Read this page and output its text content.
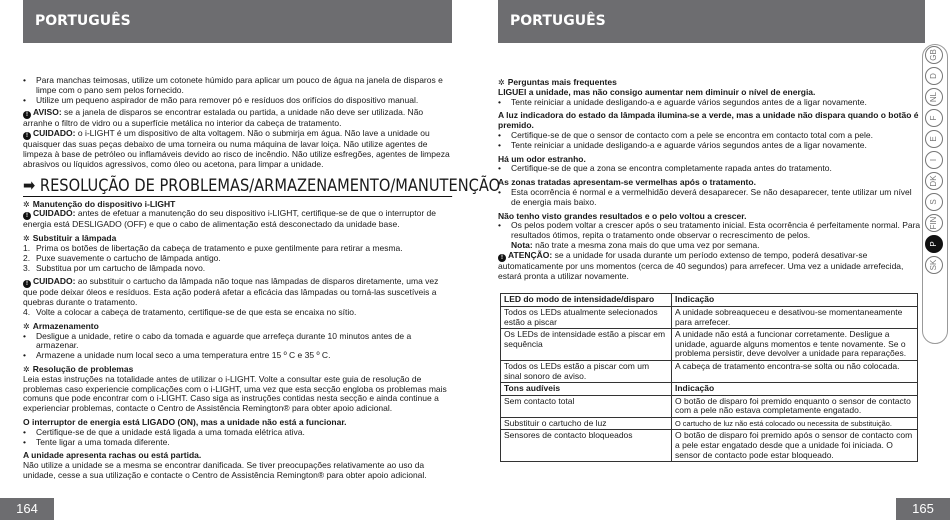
PORTUGUÊS
• Para manchas teimosas, utilize um cotonete húmido para aplicar um pouco de água na janela de disparos e limpe com o pano sem pelos fornecido.
• Utilize um pequeno aspirador de mão para remover pó e resíduos dos orifícios do dispositivo manual.
! AVISO: se a janela de disparos se encontrar estalada ou partida, a unidade não deve ser utilizada. Não arranhe o filtro de vidro ou a superfície metálica no interior da cabeça de tratamento.
! CUIDADO: o i-LIGHT é um dispositivo de alta voltagem. Não o submirja em água. Não lave a unidade ou quaisquer das suas peças debaixo de uma torneira ou numa máquina de lavar loiça. Não utilize agentes de limpeza à base de petróleo ou inflamáveis devido ao risco de incêndio. Não utilize esfregões, agentes de limpeza abrasivos ou líquidos agressivos, como óleo ou acetona, para limpar a unidade.
➡ RESOLUÇÃO DE PROBLEMAS/ARMAZENAMENTO/MANUTENÇÃO
✲ Manutenção do dispositivo i-LIGHT
! CUIDADO: antes de efetuar a manutenção do seu dispositivo i-LIGHT, certifique-se de que o interruptor de energia está DESLIGADO (OFF) e que o cabo de alimentação está desconectado da unidade base.
✲ Substituir a lâmpada
1. Prima os botões de libertação da cabeça de tratamento e puxe gentilmente para retirar a mesma.
2. Puxe suavemente o cartucho de lâmpada antigo.
3. Substitua por um cartucho de lâmpada novo.
! CUIDADO: ao substituir o cartucho da lâmpada não toque nas lâmpadas de disparos diretamente, uma vez que pode deixar óleos e resíduos. Esta ação poderá afetar a eficácia das lâmpadas ou torná-las suscetíveis a quebras durante o tratamento.
4. Volte a colocar a cabeça de tratamento, certifique-se de que esta se encaixa no sítio.
✲ Armazenamento
• Desligue a unidade, retire o cabo da tomada e aguarde que arrefeça durante 10 minutos antes de a armazenar.
• Armazene a unidade num local seco a uma temperatura entre 15 º C e 35 º C.
✲ Resolução de problemas
Leia estas instruções na totalidade antes de utilizar o i-LIGHT. Volte a consultar este guia de resolução de problemas caso experiencie complicações com o i-LIGHT, uma vez que esta secção engloba os problemas mais comuns que pode encontrar com o i-LIGHT. Caso siga as instruções contidas nesta secção e ainda continue a experienciar problemas, contacte o Centro de Assistência Remington® para obter apoio adicional.
O interruptor de energia está LIGADO (ON), mas a unidade não está a funcionar.
• Certifique-se de que a unidade está ligada a uma tomada elétrica ativa.
• Tente ligar a uma tomada diferente.
A unidade apresenta rachas ou está partida.
Não utilize a unidade se a mesma se encontrar danificada. Se tiver preocupações relativamente ao uso da unidade, cesse a sua utilização e contacte o Centro de Assistência Remington® para obter apoio adicional.
164
PORTUGUÊS
✲ Perguntas mais frequentes
LIGUEI a unidade, mas não consigo aumentar nem diminuir o nível de energia.
• Tente reiniciar a unidade desligando-a e aguarde vários segundos antes de a ligar novamente.
A luz indicadora do estado da lâmpada ilumina-se a verde, mas a unidade não dispara quando o botão é premido.
• Certifique-se de que o sensor de contacto com a pele se encontra em contacto total com a pele.
• Tente reiniciar a unidade desligando-a e aguarde vários segundos antes de a ligar novamente.
Há um odor estranho.
• Certifique-se de que a zona se encontra completamente rapada antes do tratamento.
As zonas tratadas apresentam-se vermelhas após o tratamento.
• Esta ocorrência é normal e a vermelhidão deverá desaparecer. Se não desaparecer, tente utilizar um nível de energia mais baixo.
Não tenho visto grandes resultados e o pelo voltou a crescer.
• Os pelos podem voltar a crescer após o seu tratamento inicial. Esta ocorrência é perfeitamente normal. Para resultados ótimos, repita o tratamento onde observar o recrescimento de pelos.
Nota: não trate a mesma zona mais do que uma vez por semana.
! ATENÇÃO: se a unidade for usada durante um período extenso de tempo, poderá desativar-se automaticamente por uns momentos (cerca de 40 segundos) para arrefecer. Uma vez a unidade arrefecida, estará pronta a utilizar novamente.
LED do modo de intensidade/disparo	Indicação
Todos os LEDs atualmente selecionados estão a piscar	A unidade sobreaqueceu e desativou-se momentaneamente para arrefecer.
Os LEDs de intensidade estão a piscar em sequência	A unidade não está a funcionar corretamente. Desligue a unidade, aguarde alguns momentos e tente novamente. Se o problema persistir, deve devolver a unidade para reparações.
Todos os LEDs estão a piscar com um sinal sonoro de aviso.	A cabeça de tratamento encontra-se solta ou não colocada.
Tons audíveis	Indicação
Sem contacto total	O botão de disparo foi premido enquanto o sensor de contacto com a pele não estava completamente engatado.
Substituir o cartucho de luz	O cartucho de luz não está colocado ou necessita de substituição.
Sensores de contacto bloqueados	O botão de disparo foi premido após o sensor de contacto com a pele estar engatado desde que a unidade foi iniciada. O sensor de contacto pode estar bloqueado.
165
GB
D
NL
F
E
I
DK
S
FIN
P
SK
